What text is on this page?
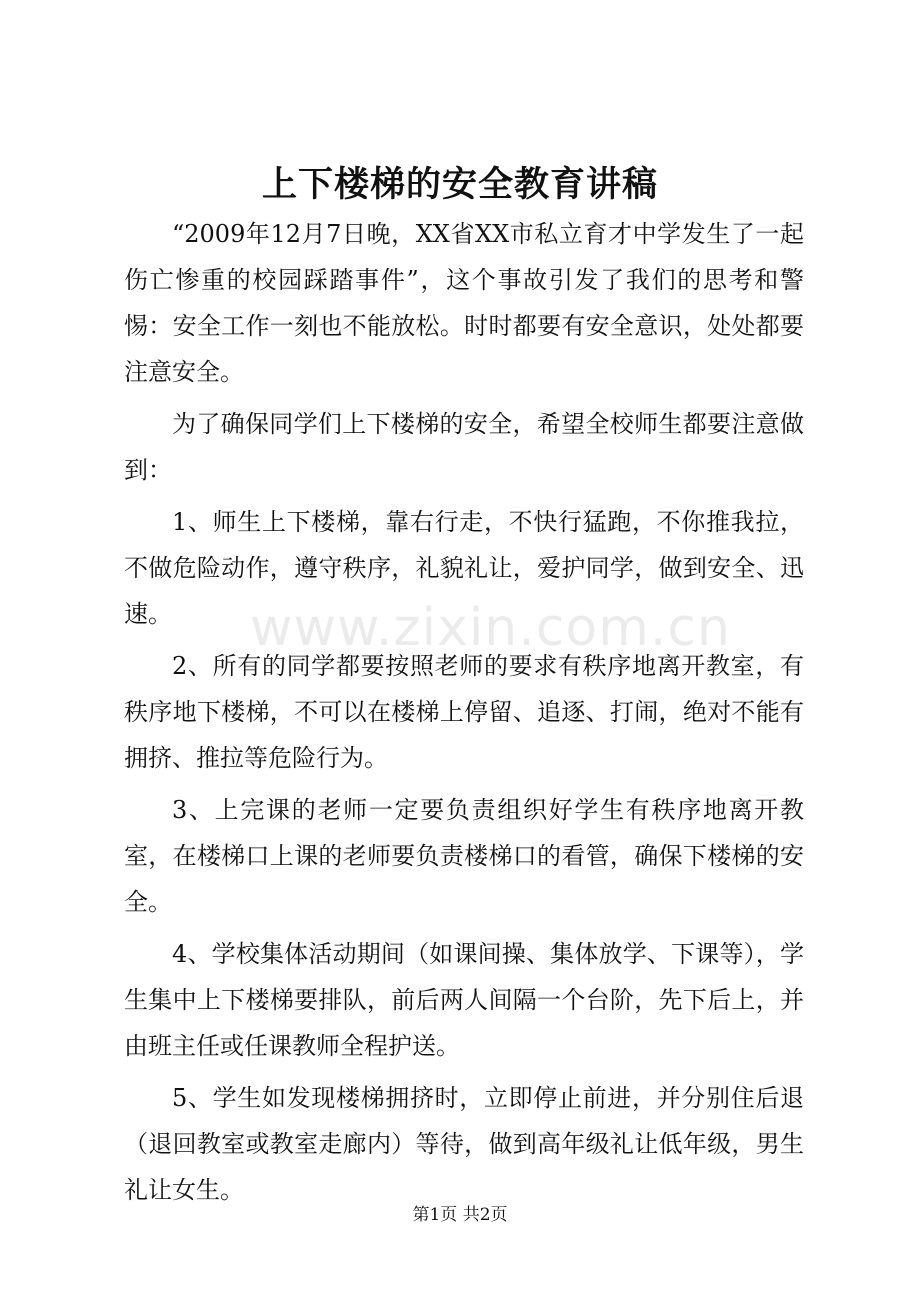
上下楼梯的安全教育讲稿

“2009年12月7日晚，XX省XX市私立育才中学发生了一起伤亡惨重的校园踩踏事件”，这个事故引发了我们的思考和警惕：安全工作一刻也不能放松。时时都要有安全意识，处处都要注意安全。

为了确保同学们上下楼梯的安全，希望全校师生都要注意做到：

1、师生上下楼梯，靠右行走，不快行猛跑，不你推我拉，不做危险动作，遵守秩序，礼貌礼让，爱护同学，做到安全、迅速。

2、所有的同学都要按照老师的要求有秩序地离开教室，有秩序地下楼梯，不可以在楼梯上停留、追逐、打闹，绝对不能有拥挤、推拉等危险行为。

3、上完课的老师一定要负责组织好学生有秩序地离开教室，在楼梯口上课的老师要负责楼梯口的看管，确保下楼梯的安全。

4、学校集体活动期间（如课间操、集体放学、下课等），学生集中上下楼梯要排队，前后两人间隔一个台阶，先下后上，并由班主任或任课教师全程护送。

5、学生如发现楼梯拥挤时，立即停止前进，并分别住后退（退回教室或教室走廊内）等待，做到高年级礼让低年级，男生礼让女生。

www.zixin.com.cn
第1页 共2页
